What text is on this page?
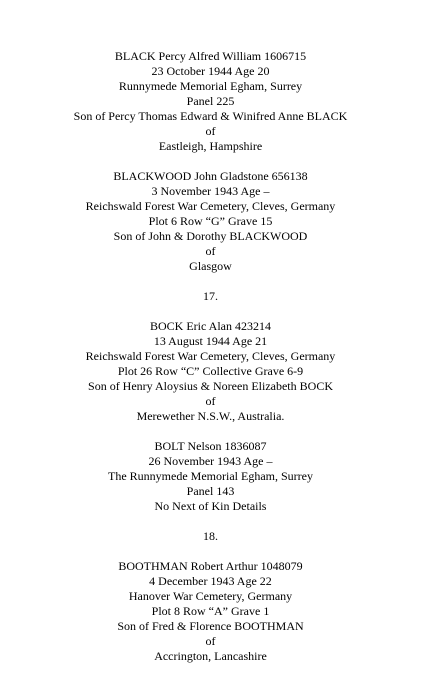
BLACK Percy Alfred William 1606715
23 October 1944 Age 20
Runnymede Memorial Egham, Surrey
Panel 225
Son of Percy Thomas Edward & Winifred Anne BLACK
of
Eastleigh, Hampshire
BLACKWOOD John Gladstone 656138
3 November 1943 Age –
Reichswald Forest War Cemetery, Cleves, Germany
Plot 6 Row “G” Grave 15
Son of John & Dorothy BLACKWOOD
of
Glasgow
17.
BOCK Eric Alan 423214
13 August 1944 Age 21
Reichswald Forest War Cemetery, Cleves, Germany
Plot 26 Row “C” Collective Grave 6-9
Son of Henry Aloysius & Noreen Elizabeth BOCK
of
Merewether N.S.W., Australia.
BOLT Nelson 1836087
26 November 1943 Age –
The Runnymede Memorial Egham, Surrey
Panel 143
No Next of Kin Details
18.
BOOTHMAN Robert Arthur 1048079
4 December 1943 Age 22
Hanover War Cemetery, Germany
Plot 8 Row “A” Grave 1
Son of Fred & Florence BOOTHMAN
of
Accrington, Lancashire
